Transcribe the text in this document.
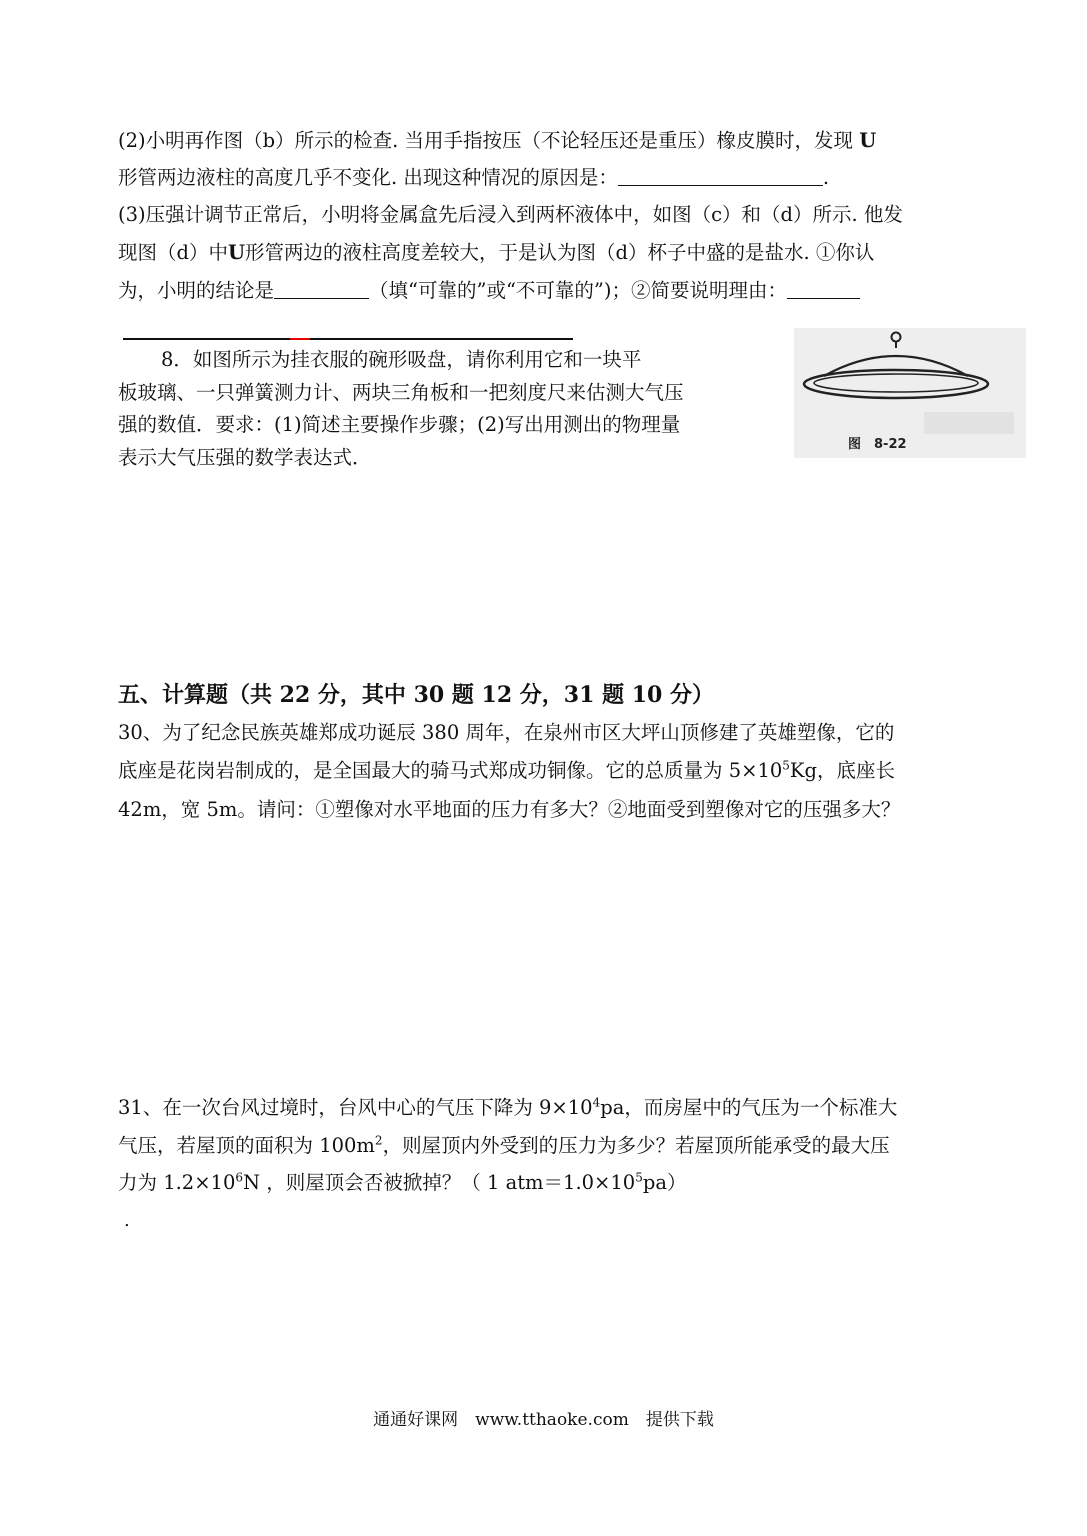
(2)小明再作图（b）所示的检查. 当用手指按压（不论轻压还是重压）橡皮膜时，发现 U
形管两边液柱的高度几乎不变化. 出现这种情况的原因是：	.
(3)压强计调节正常后，小明将金属盒先后浸入到两杯液体中，如图（c）和（d）所示. 他发
现图（d）中U形管两边的液柱高度差较大，于是认为图（d）杯子中盛的是盐水. ①你认
为，小明的结论是	（填“可靠的”或“不可靠的”)；②简要说明理由：
8．如图所示为挂衣服的碗形吸盘，请你利用它和一块平
板玻璃、一只弹簧测力计、两块三角板和一把刻度尺来估测大气压
强的数值．要求：(1)简述主要操作步骤；(2)写出用测出的物理量
表示大气压强的数学表达式．
图　8-22
五、计算题（共 22 分，其中 30 题 12 分，31 题 10 分）
30、为了纪念民族英雄郑成功诞辰 380 周年，在泉州市区大坪山顶修建了英雄塑像，它的
底座是花岗岩制成的，是全国最大的骑马式郑成功铜像。它的总质量为 $5\times 10^5Kg$，底座长
42m，宽 5m。请问：①塑像对水平地面的压力有多大？②地面受到塑像对它的压强多大？
31、在一次台风过境时，台风中心的气压下降为 $9\times 10^4pa$，而房屋中的气压为一个标准大
气压，若屋顶的面积为 $100m^2$，则屋顶内外受到的压力为多少？若屋顶所能承受的最大压
力为 $1.2\times 10^6N$ ，则屋顶会否被掀掉？（ 1 $atm=1.0\times 10^5pa$）
.
通通好课网　www.tthaoke.com　提供下载
